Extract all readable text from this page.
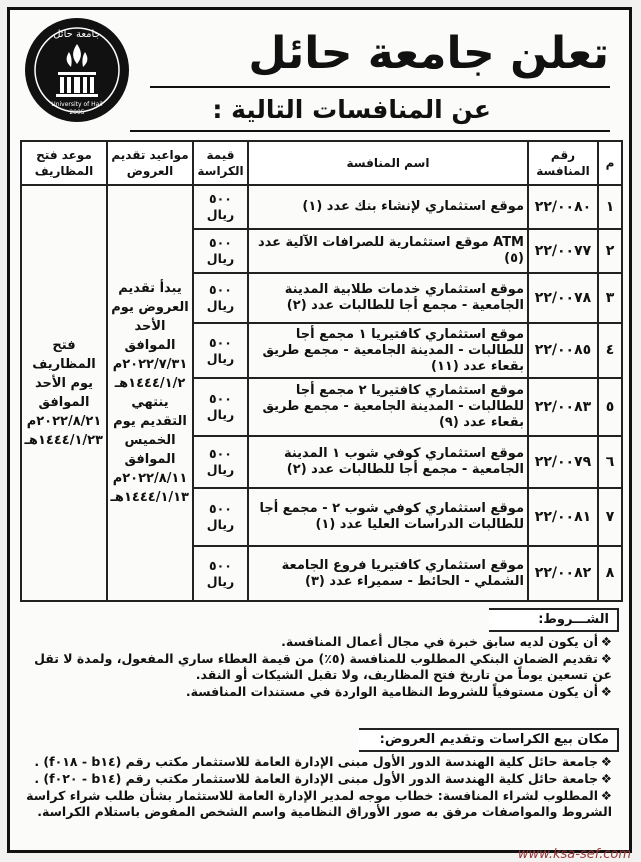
جامعة حائل
University of Hail
2005
تعلن جامعة حائل
عن المنافسات التالية :
م	رقم المنافسة	اسم المنافسة	قيمة الكراسة	مواعيد تقديم العروض	موعد فتح المظاريف
١	٢٢/٠٠٨٠	موقع استثماري لإنشاء بنك عدد (١)	٥٠٠ ريال	يبدأ تقديم العروض يوم الأحد الموافق ٢٠٢٢/٧/٣١م ١٤٤٤/١/٢هـ ينتهي التقديم يوم الخميس الموافق ٢٠٢٢/٨/١١م ١٤٤٤/١/١٣هـ	فتح المظاريف يوم الأحد الموافق ٢٠٢٢/٨/٢١م ١٤٤٤/١/٢٣هـ
٢	٢٢/٠٠٧٧	ATM موقع استثمارية للصرافات الآلية عدد (٥)	٥٠٠ ريال		
٣	٢٢/٠٠٧٨	موقع استثماري خدمات طلابية المدينة الجامعية - مجمع أجا للطالبات عدد (٢)	٥٠٠ ريال		
٤	٢٢/٠٠٨٥	موقع استثماري كافتيريا ١ مجمع أجا للطالبات - المدينة الجامعية - مجمع طريق بقعاء عدد (١١)	٥٠٠ ريال		
٥	٢٢/٠٠٨٣	موقع استثماري كافتيريا ٢ مجمع أجا للطالبات - المدينة الجامعية - مجمع طريق بقعاء عدد (٩)	٥٠٠ ريال		
٦	٢٢/٠٠٧٩	موقع استثماري كوفي شوب ١ المدينة الجامعية - مجمع أجا للطالبات عدد (٢)	٥٠٠ ريال		
٧	٢٢/٠٠٨١	موقع استثماري كوفي شوب ٢ - مجمع أجا للطالبات الدراسات العليا عدد (١)	٥٠٠ ريال		
٨	٢٢/٠٠٨٢	موقع استثماري كافتيريا فروع الجامعة الشملي - الحائط - سميراء عدد (٣)	٥٠٠ ريال		
الشـــروط:
❖أن يكون لديه سابق خبرة في مجال أعمال المنافسة.
❖تقديم الضمان البنكي المطلوب للمنافسة (٥٪) من قيمة العطاء ساري المفعول، ولمدة لا تقل عن تسعين يوماً من تاريخ فتح المظاريف، ولا تقبل الشيكات أو النقد.
❖أن يكون مستوفياً للشروط النظامية الواردة في مستندات المنافسة.
مكان بيع الكراسات وتقديم العروض:
❖جامعة حائل كلية الهندسة الدور الأول مبنى الإدارة العامة للاستثمار مكتب رقم (b١٤ - f٠١٨) .
❖جامعة حائل كلية الهندسة الدور الأول مبنى الإدارة العامة للاستثمار مكتب رقم (b١٤ - f٠٢٠) .
❖المطلوب لشراء المنافسة: خطاب موجه لمدير الإدارة العامة للاستثمار بشأن طلب شراء كراسة الشروط والمواصفات مرفق به صور الأوراق النظامية واسم الشخص المفوض باستلام الكراسة.
www.ksa-sef.com
